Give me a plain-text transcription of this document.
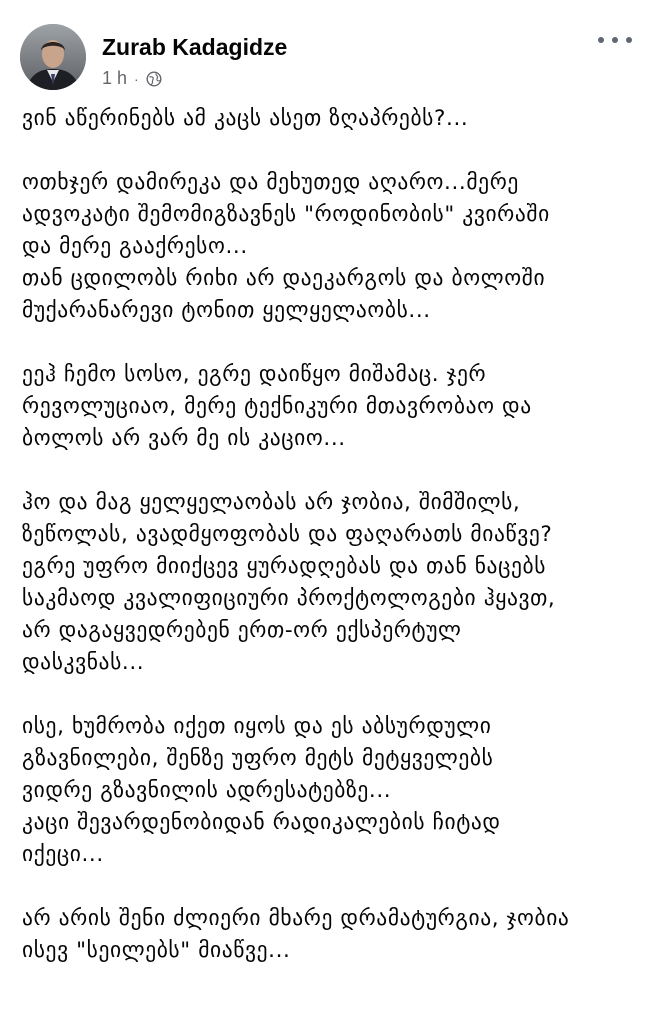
Zurab Kadagidze
1 h ·
ვინ აწერინებს ამ კაცს ასეთ ზღაპრებს?...
ოთხჯერ დამირეკა და მეხუთედ აღარო...მერე
ადვოკატი შემომიგზავნეს "როდინობის" კვირაში
და მერე გააქრესო...
თან ცდილობს რიხი არ დაეკარგოს და ბოლოში
მუქარანარევი ტონით ყელყელაობს...
ეეჰ ჩემო სოსო, ეგრე დაიწყო მიშამაც. ჯერ
რევოლუციაო, მერე ტექნიკური მთავრობაო და
ბოლოს არ ვარ მე ის კაციო...
ჰო და მაგ ყელყელაობას არ ჯობია, შიმშილს,
ზეწოლას, ავადმყოფობას და ფაღარათს მიაწვე?
ეგრე უფრო მიიქცევ ყურადღებას და თან ნაცებს
საკმაოდ კვალიფიციური პროქტოლოგები ჰყავთ,
არ დაგაყვედრებენ ერთ-ორ ექსპერტულ
დასკვნას...
ისე, ხუმრობა იქეთ იყოს და ეს აბსურდული
გზავნილები, შენზე უფრო მეტს მეტყველებს
ვიდრე გზავნილის ადრესატებზე...
კაცი შევარდენობიდან რადიკალების ჩიტად
იქეცი...
არ არის შენი ძლიერი მხარე დრამატურგია, ჯობია
ისევ "სეილებს" მიაწვე...
